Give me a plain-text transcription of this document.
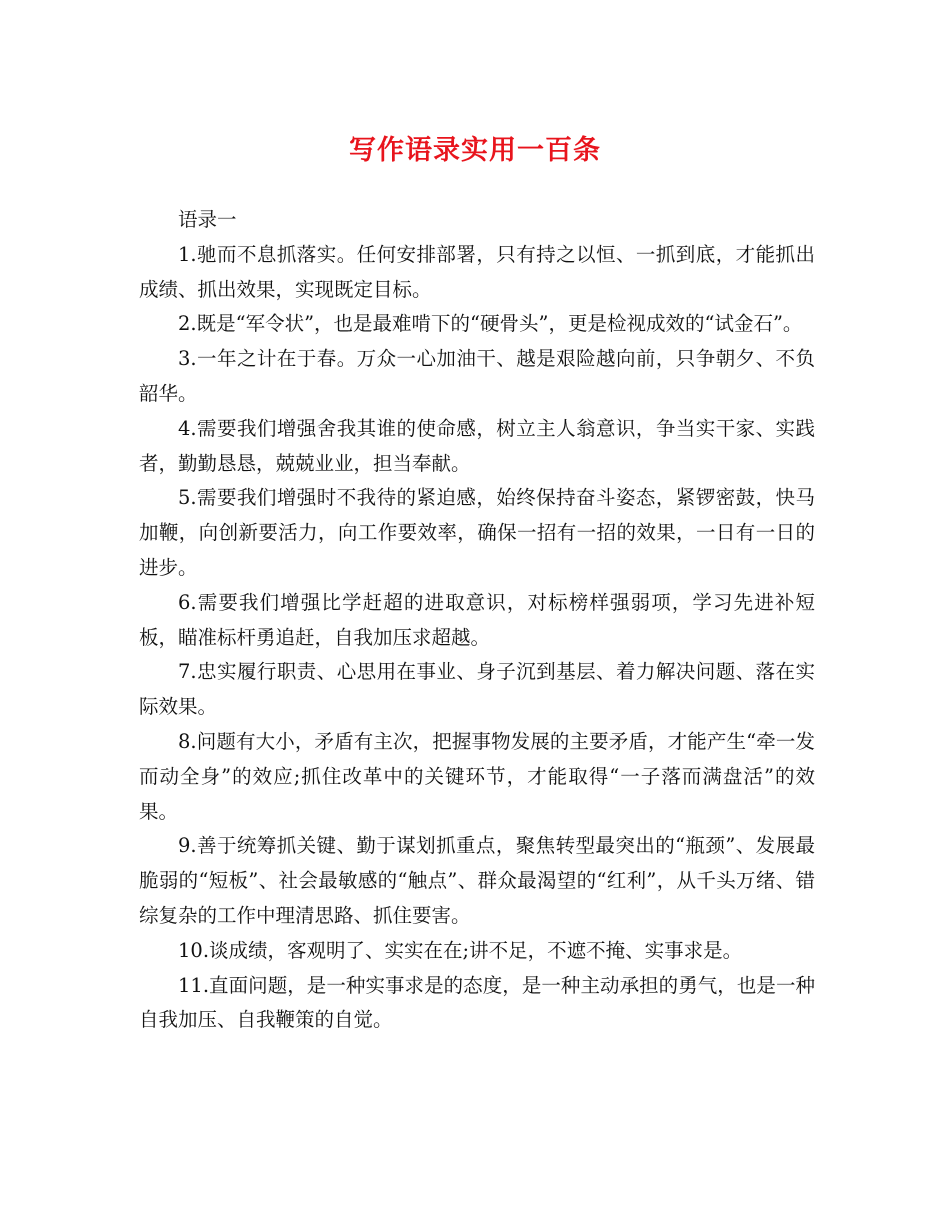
写作语录实用一百条

语录一

1.驰而不息抓落实。任何安排部署，只有持之以恒、一抓到底，才能抓出成绩、抓出效果，实现既定目标。

2.既是“军令状”，也是最难啃下的“硬骨头”，更是检视成效的“试金石”。

3.一年之计在于春。万众一心加油干、越是艰险越向前，只争朝夕、不负韶华。

4.需要我们增强舍我其谁的使命感，树立主人翁意识，争当实干家、实践者，勤勤恳恳，兢兢业业，担当奉献。

5.需要我们增强时不我待的紧迫感，始终保持奋斗姿态，紧锣密鼓，快马加鞭，向创新要活力，向工作要效率，确保一招有一招的效果，一日有一日的进步。

6.需要我们增强比学赶超的进取意识，对标榜样强弱项，学习先进补短板，瞄准标杆勇追赶，自我加压求超越。

7.忠实履行职责、心思用在事业、身子沉到基层、着力解决问题、落在实际效果。

8.问题有大小，矛盾有主次，把握事物发展的主要矛盾，才能产生“牵一发而动全身”的效应;抓住改革中的关键环节，才能取得“一子落而满盘活”的效果。

9.善于统筹抓关键、勤于谋划抓重点，聚焦转型最突出的“瓶颈”、发展最脆弱的“短板”、社会最敏感的“触点”、群众最渴望的“红利”，从千头万绪、错综复杂的工作中理清思路、抓住要害。

10.谈成绩，客观明了、实实在在;讲不足，不遮不掩、实事求是。

11.直面问题，是一种实事求是的态度，是一种主动承担的勇气，也是一种自我加压、自我鞭策的自觉。
